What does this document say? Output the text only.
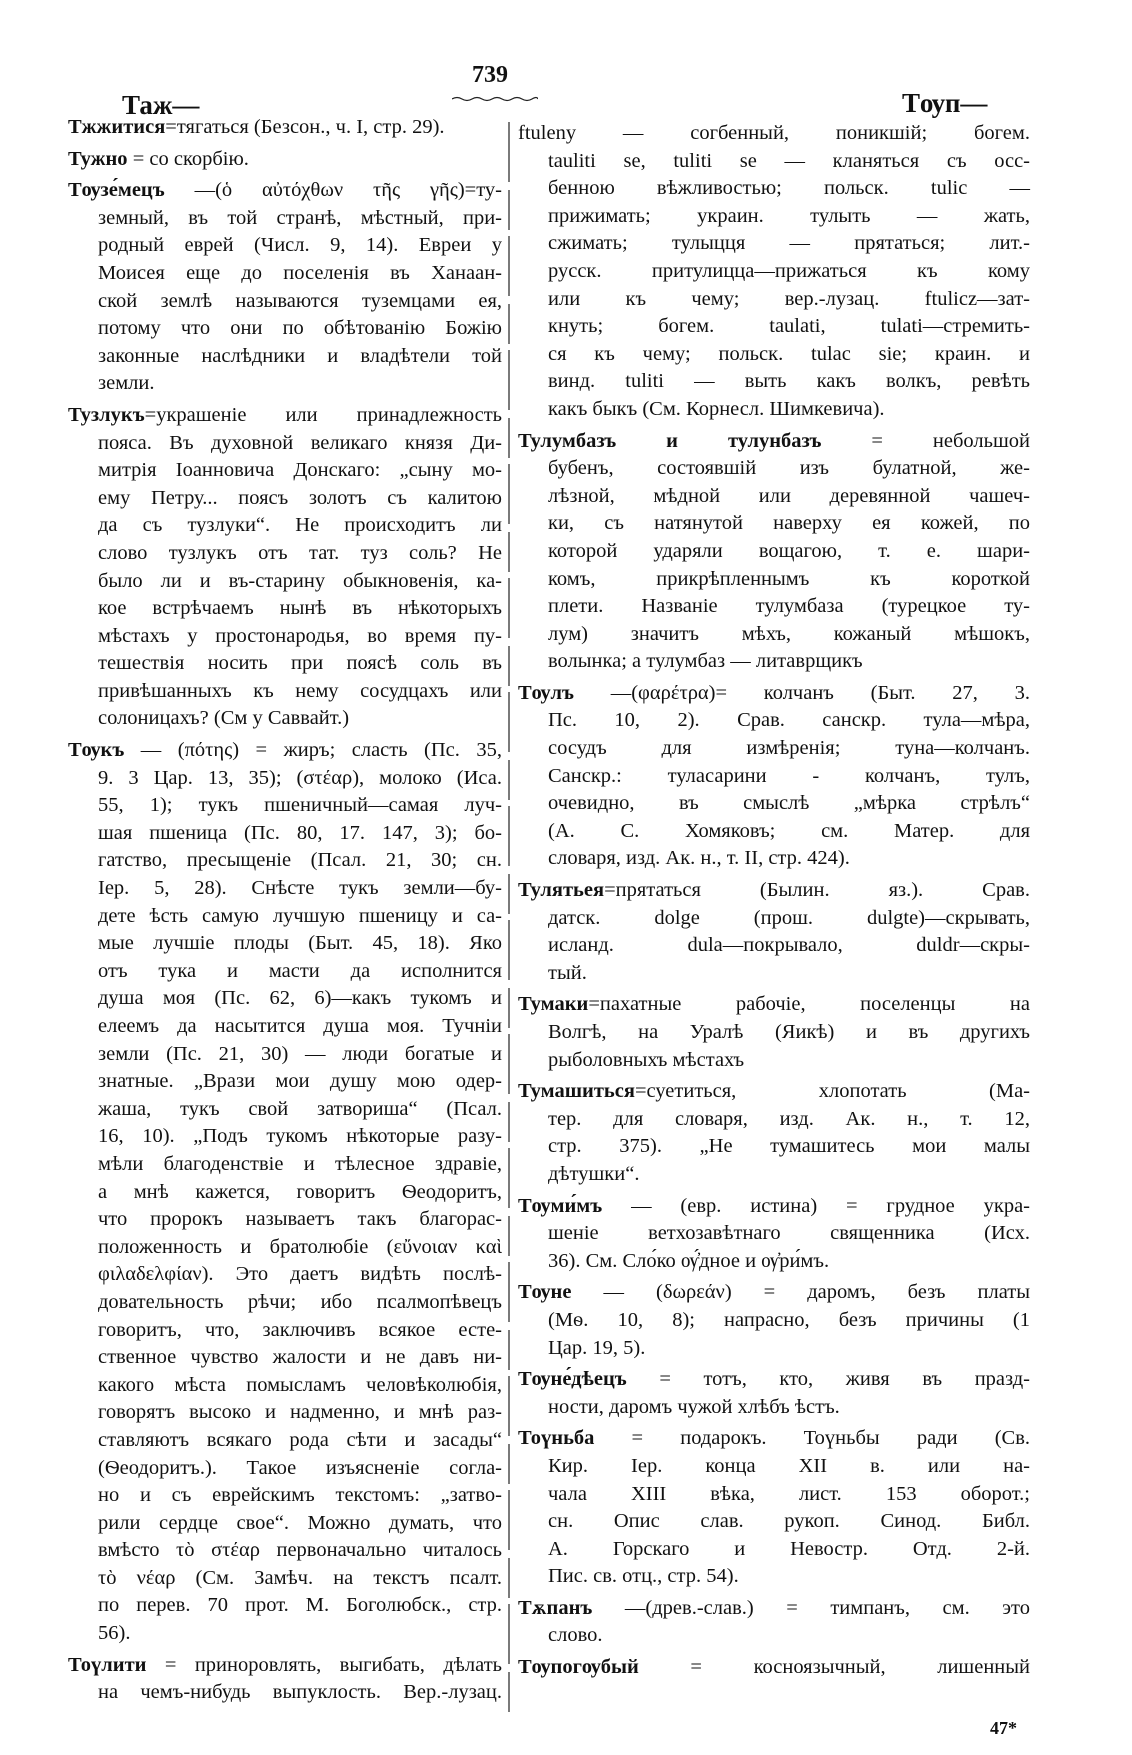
Таж—
739
Тѹп—
Тжжитися=тягаться (Безсон., ч. I, стр. 29).
Тужно = со скорбію.
Тѹзе́мецъ —(ὁ αὐτόχθων τῆς γῆς)=ту-
земный, въ той странѣ, мѣстный, при-
родный еврей (Числ. 9, 14). Евреи у
Моисея еще до поселенія въ Ханаан-
ской землѣ называются туземцами ея,
потому что они по обѣтованію Божію
законные наслѣдники и владѣтели той
земли.
Тузлукъ=украшеніе или принадлежность
пояса. Въ духовной великаго князя Ди-
митрія Іоанновича Донскаго: „сыну мо-
ему Петру... поясъ золотъ съ калитою
да съ тузлуки“. Не происходитъ ли
слово тузлукъ отъ тат. туз соль? Не
было ли и въ-старину обыкновенія, ка-
кое встрѣчаемъ нынѣ въ нѣкоторыхъ
мѣстахъ у простонародья, во время пу-
тешествія носить при поясѣ соль въ
привѣшанныхъ къ нему сосудцахъ или
солоницахъ? (См у Саввайт.)
Тѹкъ — (πότης) = жиръ; сласть (Пс. 35,
9. 3 Цар. 13, 35); (στέαρ), молоко (Иса.
55, 1); тукъ пшеничный—самая луч-
шая пшеница (Пс. 80, 17. 147, 3); бо-
гатство, пресыщеніе (Псал. 21, 30; сн.
Іер. 5, 28). Снѣсте тукъ земли—бу-
дете ѣсть самую лучшую пшеницу и са-
мые лучшіе плоды (Быт. 45, 18). Яко
отъ тука и масти да исполнится
душа моя (Пс. 62, 6)—какъ тукомъ и
елеемъ да насытится душа моя. Тучніи
земли (Пс. 21, 30) — люди богатые и
знатные. „Врази мои душу мою одер-
жаша, тукъ свой затвориша“ (Псал.
16, 10). „Подъ тукомъ нѣкоторые разу-
мѣли благоденствіе и тѣлесное здравіе,
а мнѣ кажется, говоритъ Ѳеодоритъ,
что пророкъ называетъ такъ благорас-
положенность и братолюбіе (εὔνοιαν καὶ
φιλαδελφίαν). Это даетъ видѣть послѣ-
довательность рѣчи; ибо псалмопѣвецъ
говоритъ, что, заключивъ всякое есте-
ственное чувство жалости и не давъ ни-
какого мѣста помысламъ человѣколюбія,
говорятъ высоко и надменно, и мнѣ раз-
ставляютъ всякаго рода сѣти и засады“
(Ѳеодоритъ.). Такое изъясненіе согла-
но и съ еврейскимъ текстомъ: „затво-
рили сердце свое“. Можно думать, что
вмѣсто τὸ στέαρ первоначально читалось
τὸ νέαρ (См. Замѣч. на текстъ псалт.
по перев. 70 прот. М. Боголюбск., стр.
56).
Тоүлити = приноровлять, выгибать, дѣлать
на чемъ-нибудь выпуклость. Вер.-лузац.
ftuleny — согбенный, поникшій; богем.
tauliti se, tuliti se — кланяться съ осс-
бенною вѣжливостью; польск. tulic —
прижимать; украин. тулыть — жать,
сжимать; тулыцця — прятаться; лит.-
русск. притулицца—прижаться къ кому
или къ чему; вер.-лузац. ftulicz—зат-
кнуть; богем. taulati, tulati—стремить-
ся къ чему; польск. tulac sie; краин. и
винд. tuliti — выть какъ волкъ, ревѣть
какъ быкъ (См. Корнесл. Шимкевича).
Тулумбазъ и тулунбазъ = небольшой
бубенъ, состоявшій изъ булатной, же-
лѣзной, мѣдной или деревянной чашеч-
ки, съ натянутой наверху ея кожей, по
которой ударяли вощагою, т. е. шари-
комъ, прикрѣпленнымъ къ короткой
плети. Названіе тулумбаза (турецкое ту-
лум) значитъ мѣхъ, кожаный мѣшокъ,
волынка; а тулумбаз — литаврщикъ
Тѹлъ —(φαρέτρα)= колчанъ (Быт. 27, 3.
Пс. 10, 2). Срав. санскр. тула—мѣра,
сосудъ для измѣренія; туна—колчанъ.
Санскр.: туласарини - колчанъ, тулъ,
очевидно, въ смыслѣ „мѣрка стрѣлъ“
(А. С. Хомяковъ; см. Матер. для
словаря, изд. Ак. н., т. II, стр. 424).
Тулятьея=прятаться (Былин. яз.). Срав.
датск. dolge (прош. dulgte)—скрывать,
исланд. dula—покрывало, duldr—скры-
тый.
Тумаки=пахатные рабочіе, поселенцы на
Волгѣ, на Уралѣ (Яикѣ) и въ другихъ
рыболовныхъ мѣстахъ
Тумашиться=суетиться, хлопотать (Ма-
тер. для словаря, изд. Ак. н., т. 12,
стр. 375). „Не тумашитесь мои малы
дѣтушки“.
Тѹми́мъ — (евр. истина) = грудное укра-
шеніе ветхозавѣтнаго священника (Исх.
36). См. Сло́ко ѹ҆́дное и ѹ҆ри́мъ.
Тѹне — (δωρεάν) = даромъ, безъ платы
(Мѳ. 10, 8); напрасно, безъ причины (1
Цар. 19, 5).
Тѹне́дѣецъ = тотъ, кто, живя въ празд-
ности, даромъ чужой хлѣбъ ѣстъ.
Тоүньба = подарокъ. Тоүньбы ради (Св.
Кир. Іер. конца XII в. или на-
чала XIII вѣка, лист. 153 оборот.;
сн. Опис слав. рукоп. Синод. Библ.
А. Горскаго и Невостр. Отд. 2-й.
Пис. св. отц., стр. 54).
Тѫпанъ —(древ.-слав.) = тимпанъ, см. это
слово.
Тѹпогѹбый = косноязычный, лишенный
47*
